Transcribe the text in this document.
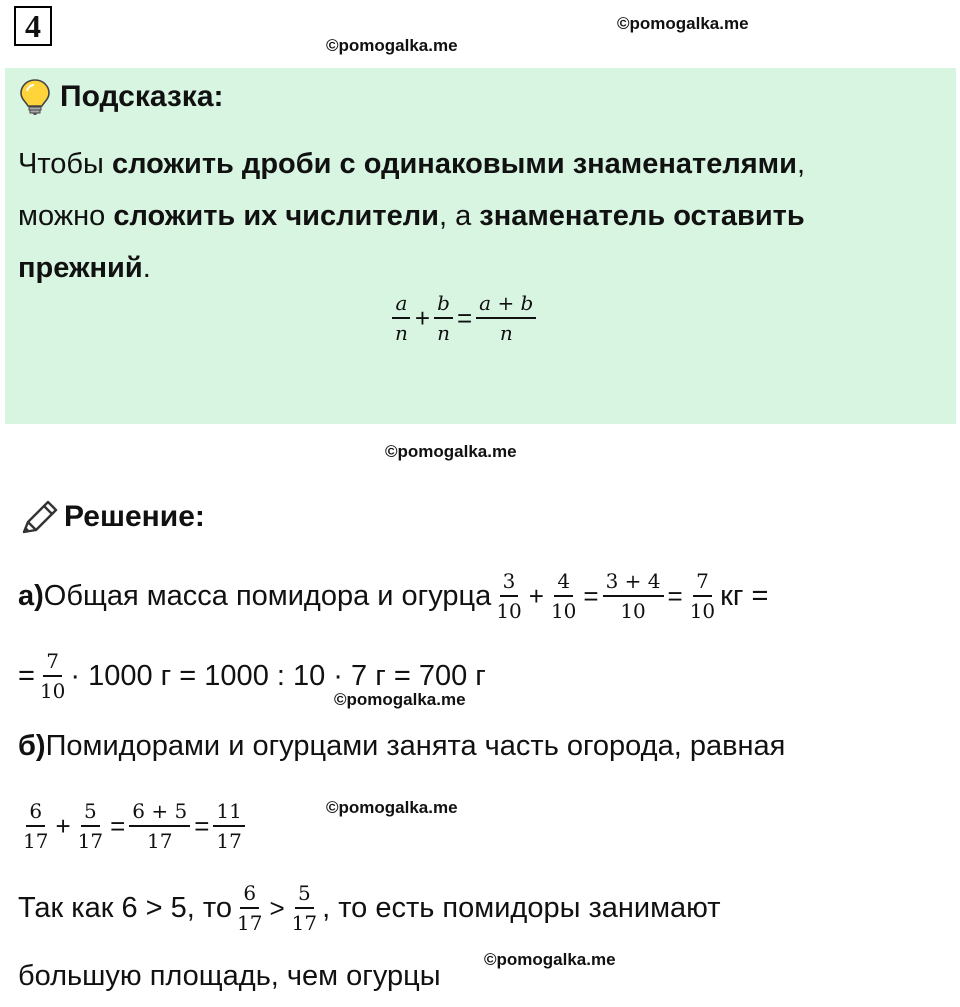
4	©pomogalka.me
©pomogalka.me
Подсказка:
Чтобы сложить дроби с одинаковыми знаменателями,
можно сложить их числители, а знаменатель оставить
прежний.
$\frac{a}{n} + \frac{b}{n} = \frac{a + b}{n}$
©pomogalka.me
Решение:
а) Общая масса помидора и огурца $\frac{3}{10} + \frac{4}{10} = \frac{3 + 4}{10} = \frac{7}{10}$ кг =
= $\frac{7}{10} \cdot 1000$ г = 1000 : 10 · 7 г = 700 г
©pomogalka.me
б) Помидорами и огурцами занята часть огорода, равная
$\frac{6}{17} + \frac{5}{17} = \frac{6 + 5}{17} = \frac{11}{17}$	©pomogalka.me
Так как 6 > 5, то $\frac{6}{17} > \frac{5}{17}$ , то есть помидоры занимают
©pomogalka.me
большую площадь, чем огурцы
